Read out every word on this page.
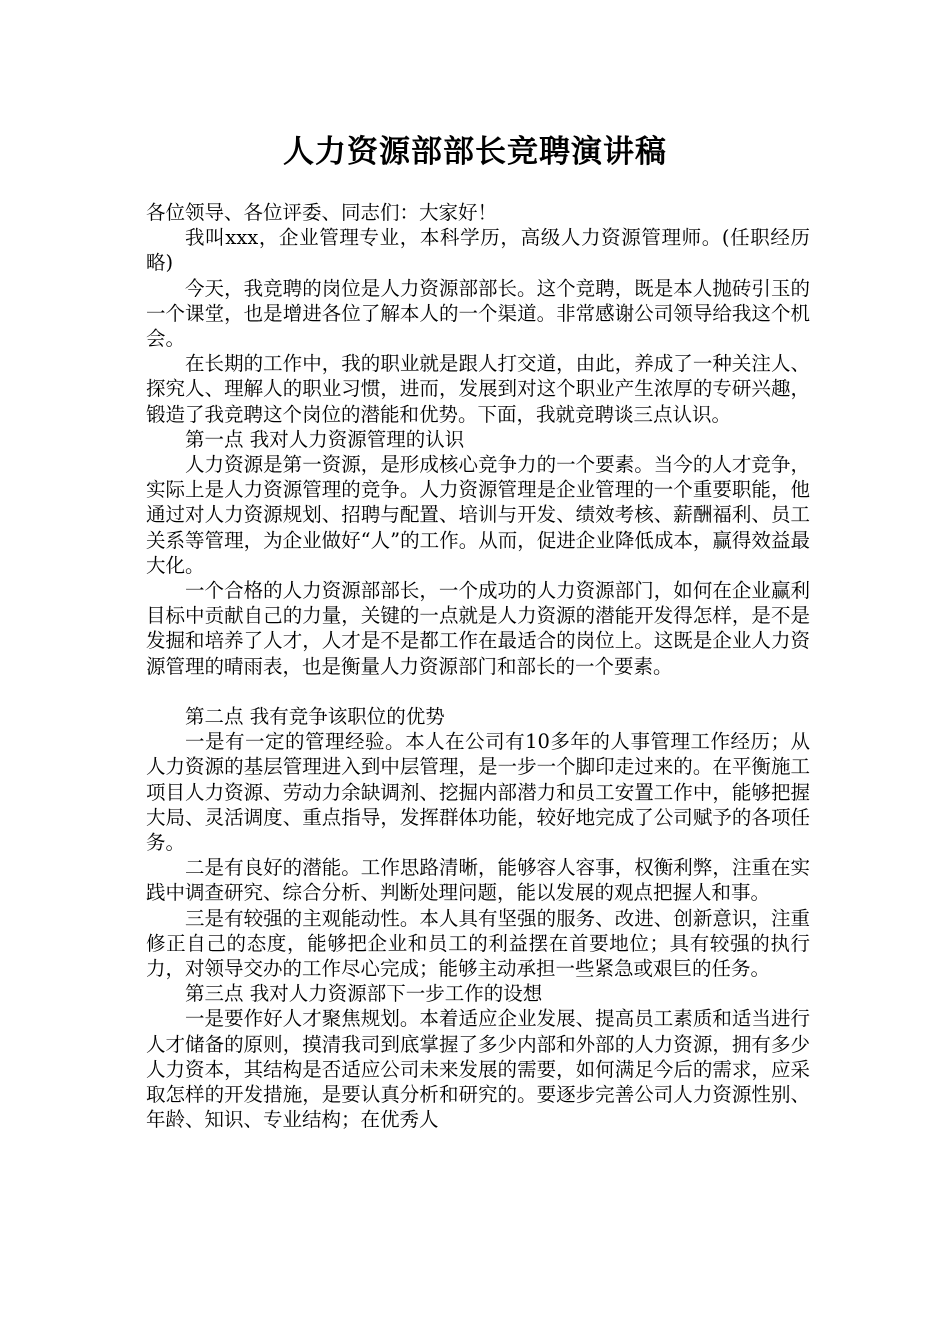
人力资源部部长竞聘演讲稿

各位领导、各位评委、同志们：大家好！

我叫xxx，企业管理专业，本科学历，高级人力资源管理师。(任职经历略)

今天，我竞聘的岗位是人力资源部部长。这个竞聘，既是本人抛砖引玉的一个课堂，也是增进各位了解本人的一个渠道。非常感谢公司领导给我这个机会。

在长期的工作中，我的职业就是跟人打交道，由此，养成了一种关注人、探究人、理解人的职业习惯，进而，发展到对这个职业产生浓厚的专研兴趣，锻造了我竞聘这个岗位的潜能和优势。下面，我就竞聘谈三点认识。

第一点 我对人力资源管理的认识

人力资源是第一资源，是形成核心竞争力的一个要素。当今的人才竞争，实际上是人力资源管理的竞争。人力资源管理是企业管理的一个重要职能，他通过对人力资源规划、招聘与配置、培训与开发、绩效考核、薪酬福利、员工关系等管理，为企业做好“人”的工作。从而，促进企业降低成本，赢得效益最大化。

一个合格的人力资源部部长，一个成功的人力资源部门，如何在企业赢利目标中贡献自己的力量，关键的一点就是人力资源的潜能开发得怎样，是不是发掘和培养了人才，人才是不是都工作在最适合的岗位上。这既是企业人力资源管理的晴雨表，也是衡量人力资源部门和部长的一个要素。

第二点 我有竞争该职位的优势

一是有一定的管理经验。本人在公司有10多年的人事管理工作经历；从人力资源的基层管理进入到中层管理，是一步一个脚印走过来的。在平衡施工项目人力资源、劳动力余缺调剂、挖掘内部潜力和员工安置工作中，能够把握大局、灵活调度、重点指导，发挥群体功能，较好地完成了公司赋予的各项任务。

二是有良好的潜能。工作思路清晰，能够容人容事，权衡利弊，注重在实践中调查研究、综合分析、判断处理问题，能以发展的观点把握人和事。

三是有较强的主观能动性。本人具有坚强的服务、改进、创新意识，注重修正自己的态度，能够把企业和员工的利益摆在首要地位；具有较强的执行力，对领导交办的工作尽心完成；能够主动承担一些紧急或艰巨的任务。

第三点 我对人力资源部下一步工作的设想

一是要作好人才聚焦规划。本着适应企业发展、提高员工素质和适当进行人才储备的原则，摸清我司到底掌握了多少内部和外部的人力资源，拥有多少人力资本，其结构是否适应公司未来发展的需要，如何满足今后的需求，应采取怎样的开发措施，是要认真分析和研究的。要逐步完善公司人力资源性别、年龄、知识、专业结构；在优秀人
